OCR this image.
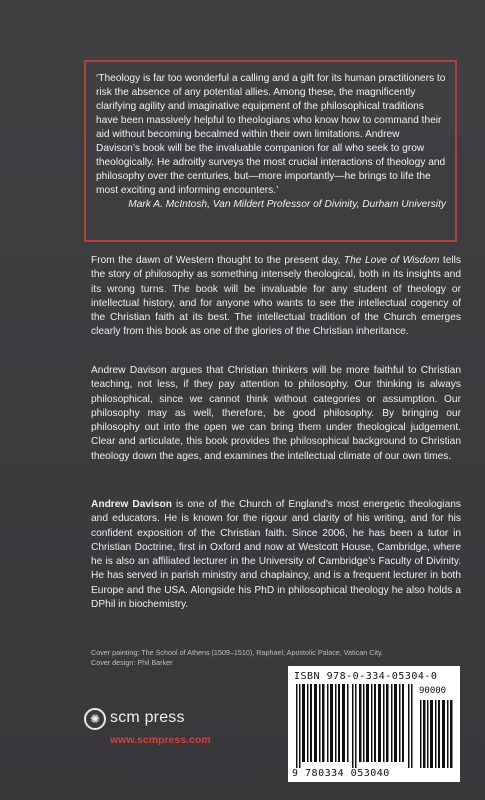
‘Theology is far too wonderful a calling and a gift for its human practitioners to risk the absence of any potential allies. Among these, the magnificently clarifying agility and imaginative equipment of the philosophical traditions have been massively helpful to theologians who know how to command their aid without becoming becalmed within their own limitations. Andrew Davison’s book will be the invaluable companion for all who seek to grow theologically. He adroitly surveys the most crucial interactions of theology and philosophy over the centuries, but—more importantly—he brings to life the most exciting and informing encounters.’

Mark A. McIntosh, Van Mildert Professor of Divinity, Durham University

From the dawn of Western thought to the present day, The Love of Wisdom tells the story of philosophy as something intensely theological, both in its insights and its wrong turns. The book will be invaluable for any student of theology or intellectual history, and for anyone who wants to see the intellectual cogency of the Christian faith at its best. The intellectual tradition of the Church emerges clearly from this book as one of the glories of the Christian inheritance.

Andrew Davison argues that Christian thinkers will be more faithful to Christian teaching, not less, if they pay attention to philosophy. Our thinking is always philosophical, since we cannot think without categories or assumption. Our philosophy may as well, therefore, be good philosophy. By bringing our philosophy out into the open we can bring them under theological judgement. Clear and articulate, this book provides the philosophical background to Christian theology down the ages, and examines the intellectual climate of our own times.

Andrew Davison is one of the Church of England’s most energetic theologians and educators. He is known for the rigour and clarity of his writing, and for his confident exposition of the Christian faith. Since 2006, he has been a tutor in Christian Doctrine, first in Oxford and now at Westcott House, Cambridge, where he is also an affiliated lecturer in the University of Cambridge’s Faculty of Divinity. He has served in parish ministry and chaplaincy, and is a frequent lecturer in both Europe and the USA. Alongside his PhD in philosophical theology he also holds a DPhil in biochemistry.

Cover painting: The School of Athens (1509–1510), Raphael, Apostolic Palace, Vatican City.
Cover design: Phil Barker
✺ scm press
www.scmpress.com
ISBN 978-0-334-05304-0
90000
9 780334 053040
